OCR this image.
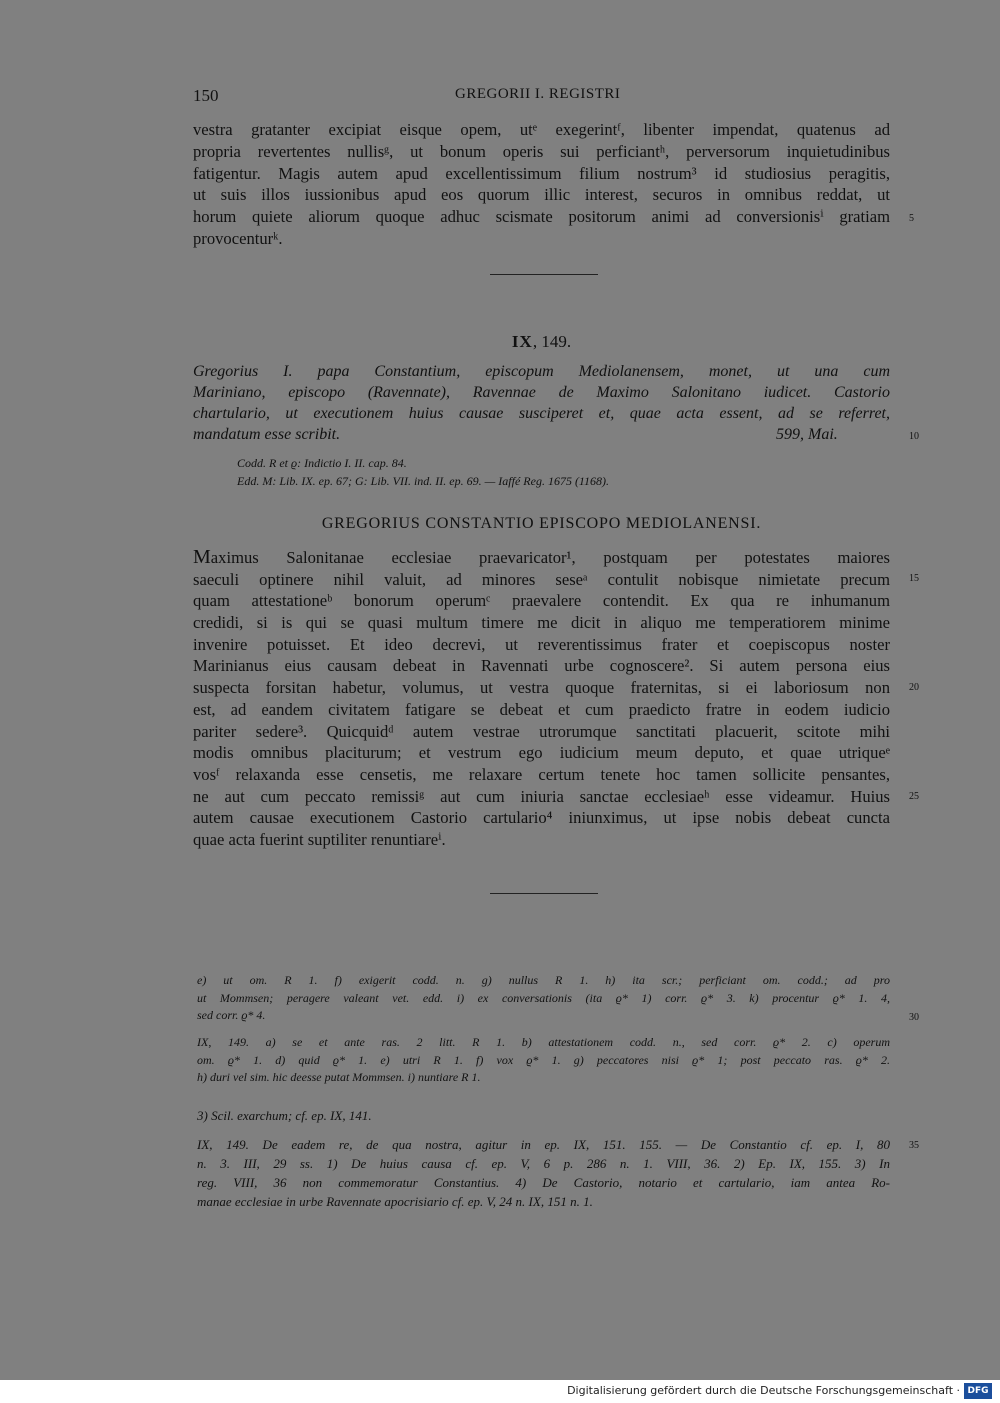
150	GREGORII I. REGISTRI
vestra gratanter excipiat eisque opem, utᵉ exegerintᶠ, libenter impendat, quatenus ad
propria revertentes nullisᵍ, ut bonum operis sui perficiantʰ, perversorum inquietudinibus
fatigentur. Magis autem apud excellentissimum filium nostrum³ id studiosius peragitis,
ut suis illos iussionibus apud eos quorum illic interest, securos in omnibus reddat, ut
horum quiete aliorum quoque adhuc scismate positorum animi ad conversionisⁱ gratiam
provocenturᵏ.
5
IX, 149.
Gregorius I. papa Constantium, episcopum Mediolanensem, monet, ut una cum
Mariniano, episcopo (Ravennate), Ravennae de Maximo Salonitano iudicet. Castorio
chartulario, ut executionem huius causae susciperet et, quae acta essent, ad se referret,
mandatum esse scribit.	599, Mai.	10
Codd. R et ϱ: Indictio I. II. cap. 84.
Edd. M: Lib. IX. ep. 67; G: Lib. VII. ind. II. ep. 69. — Iaffé Reg. 1675 (1168).
GREGORIUS CONSTANTIO EPISCOPO MEDIOLANENSI.
Maximus Salonitanae ecclesiae praevaricator¹, postquam per potestates maiores
saeculi optinere nihil valuit, ad minores seseᵃ contulit nobisque nimietate precum
quam attestationeᵇ bonorum operumᶜ praevalere contendit. Ex qua re inhumanum
credidi, si is qui se quasi multum timere me dicit in aliquo me temperatiorem minime
invenire potuisset. Et ideo decrevi, ut reverentissimus frater et coepiscopus noster
Marinianus eius causam debeat in Ravennati urbe cognoscere². Si autem persona eius
suspecta forsitan habetur, volumus, ut vestra quoque fraternitas, si ei laboriosum non
est, ad eandem civitatem fatigare se debeat et cum praedicto fratre in eodem iudicio
pariter sedere³. Quicquidᵈ autem vestrae utrorumque sanctitati placuerit, scitote mihi
modis omnibus placiturum; et vestrum ego iudicium meum deputo, et quae utriqueᵉ
vosᶠ relaxanda esse censetis, me relaxare certum tenete hoc tamen sollicite pensantes,
ne aut cum peccato remissiᵍ aut cum iniuria sanctae ecclesiaeʰ esse videamur. Huius
autem causae executionem Castorio cartulario⁴ iniunximus, ut ipse nobis debeat cuncta
quae acta fuerint suptiliter renuntiareⁱ.
15
20
25
e) ut om. R 1. f) exigerit codd. n. g) nullus R 1. h) ita scr.; perficiant om. codd.; ad pro
ut Mommsen; peragere valeant vet. edd. i) ex conversationis (ita ϱ* 1) corr. ϱ* 3. k) procentur ϱ* 1. 4,
sed corr. ϱ* 4.	30
IX, 149. a) se et ante ras. 2 litt. R 1. b) attestationem codd. n., sed corr. ϱ* 2. c) operum
om. ϱ* 1. d) quid ϱ* 1. e) utri R 1. f) vox ϱ* 1. g) peccatores nisi ϱ* 1; post peccato ras. ϱ* 2.
h) duri vel sim. hic deesse putat Mommsen. i) nuntiare R 1.
3) Scil. exarchum; cf. ep. IX, 141.
IX, 149. De eadem re, de qua nostra, agitur in ep. IX, 151. 155. — De Constantio cf. ep. I, 80
n. 3. III, 29 ss. 1) De huius causa cf. ep. V, 6 p. 286 n. 1. VIII, 36. 2) Ep. IX, 155. 3) In
reg. VIII, 36 non commemoratur Constantius. 4) De Castorio, notario et cartulario, iam antea Ro-
manae ecclesiae in urbe Ravennate apocrisiario cf. ep. V, 24 n. IX, 151 n. 1.
35
Digitalisierung gefördert durch die Deutsche Forschungsgemeinschaft · DFG
